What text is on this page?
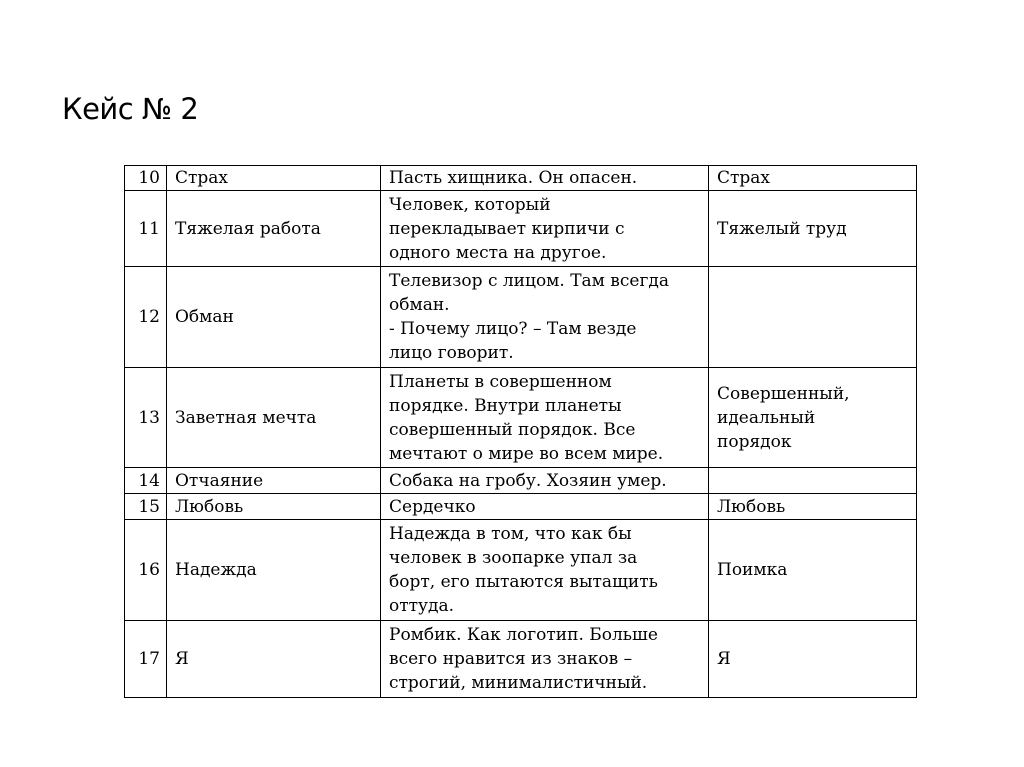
Кейс № 2
10	Страх	Пасть хищника. Он опасен.	Страх

11	Тяжелая работа	Человек, который
перекладывает кирпичи с
одного места на другое.	Тяжелый труд

12	Обман	Телевизор с лицом. Там всегда
обман.
- Почему лицо? – Там везде
лицо говорит.	

13	Заветная мечта	Планеты в совершенном
порядке. Внутри планеты
совершенный порядок. Все
мечтают о мире во всем мире.	Совершенный,
идеальный
порядок

14	Отчаяние	Собака на гробу. Хозяин умер.	

15	Любовь	Сердечко	Любовь

16	Надежда	Надежда в том, что как бы
человек в зоопарке упал за
борт, его пытаются вытащить
оттуда.	Поимка

17	Я	Ромбик. Как логотип. Больше
всего нравится из знаков –
строгий, минималистичный.	Я
